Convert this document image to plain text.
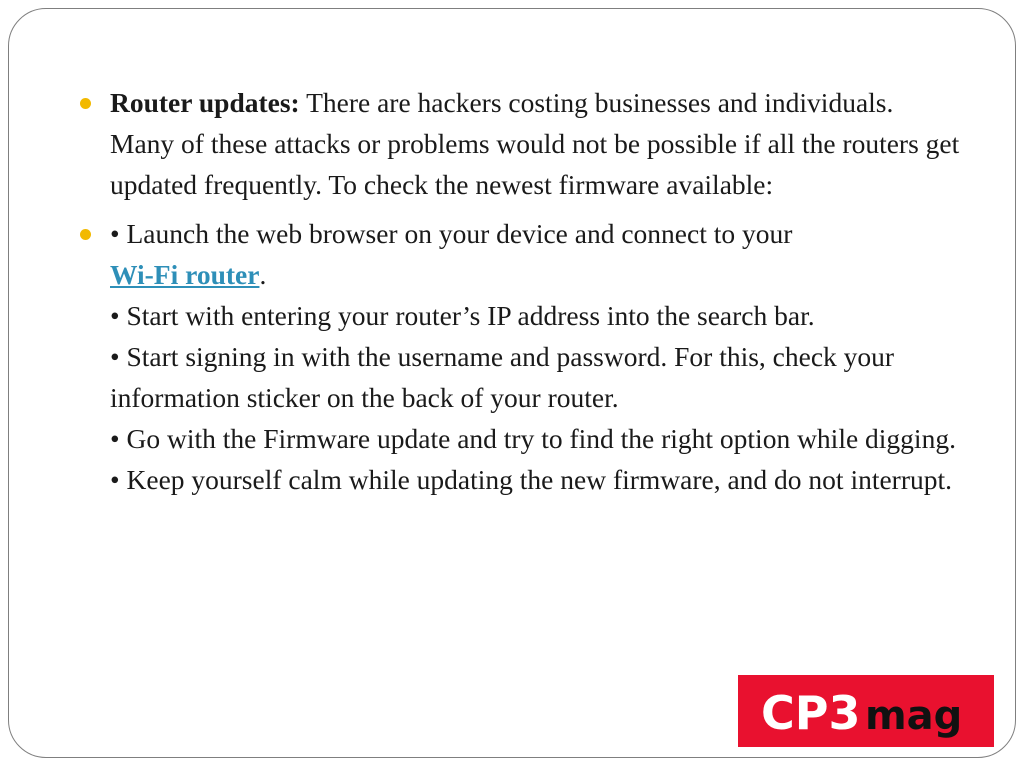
Router updates: There are hackers costing businesses and individuals. Many of these attacks or problems would not be possible if all the routers get updated frequently. To check the newest firmware available:
• Launch the web browser on your device and connect to your
Wi-Fi router.
• Start with entering your router’s IP address into the search bar.
• Start signing in with the username and password. For this, check your information sticker on the back of your router.
• Go with the Firmware update and try to find the right option while digging.
• Keep yourself calm while updating the new firmware, and do not interrupt.
CP3 mag
